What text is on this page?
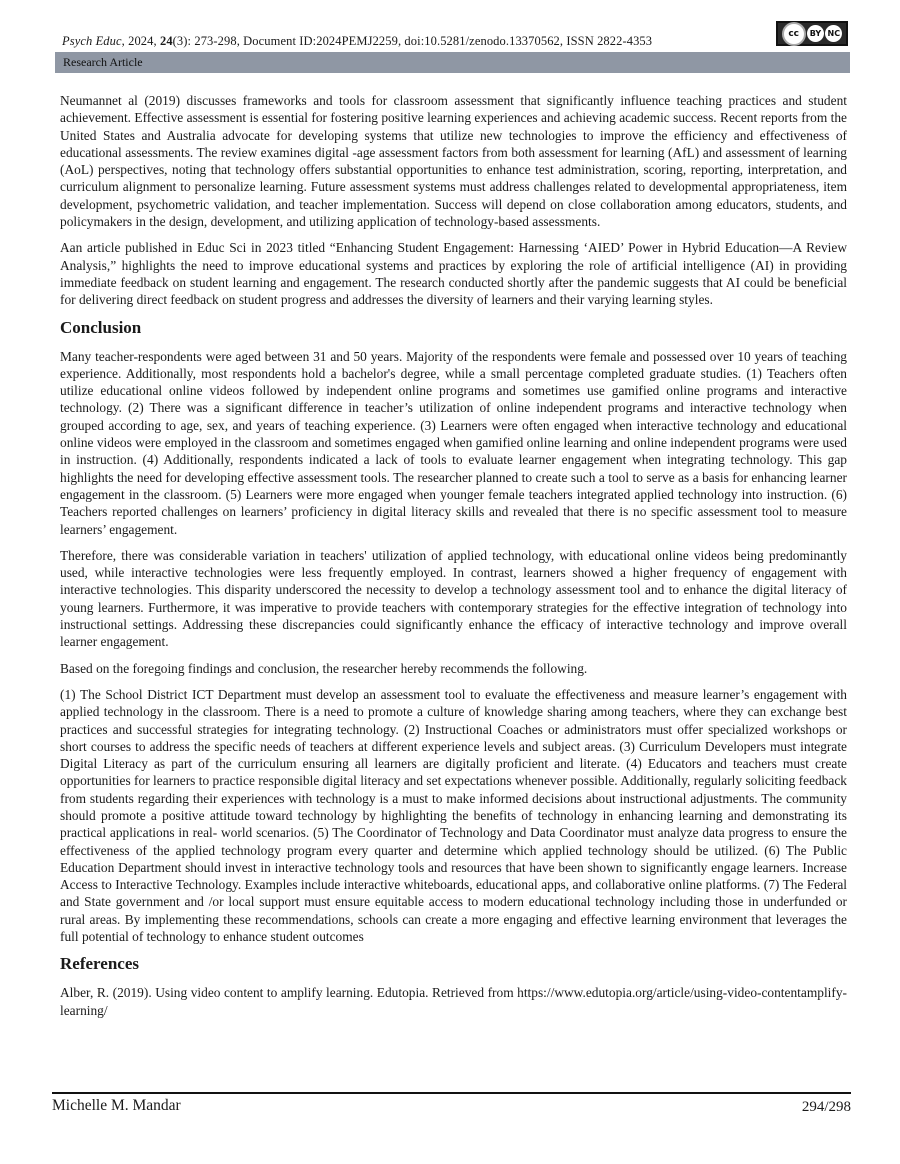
Psych Educ, 2024, 24(3): 273-298, Document ID:2024PEMJ2259, doi:10.5281/zenodo.13370562, ISSN 2822-4353
cc	BY NC
Research Article

Neumannet al (2019) discusses frameworks and tools for classroom assessment that significantly influence teaching practices and student achievement. Effective assessment is essential for fostering positive learning experiences and achieving academic success. Recent reports from the United States and Australia advocate for developing systems that utilize new technologies to improve the efficiency and effectiveness of educational assessments. The review examines digital -age assessment factors from both assessment for learning (AfL) and assessment of learning (AoL) perspectives, noting that technology offers substantial opportunities to enhance test administration, scoring, reporting, interpretation, and curriculum alignment to personalize learning. Future assessment systems must address challenges related to developmental appropriateness, item development, psychometric validation, and teacher implementation. Success will depend on close collaboration among educators, students, and policymakers in the design, development, and utilizing application of technology-based assessments.

Aan article published in Educ Sci in 2023 titled “Enhancing Student Engagement: Harnessing ‘AIED’ Power in Hybrid Education—A Review Analysis,” highlights the need to improve educational systems and practices by exploring the role of artificial intelligence (AI) in providing immediate feedback on student learning and engagement. The research conducted shortly after the pandemic suggests that AI could be beneficial for delivering direct feedback on student progress and addresses the diversity of learners and their varying learning styles.

Conclusion

Many teacher-respondents were aged between 31 and 50 years. Majority of the respondents were female and possessed over 10 years of teaching experience. Additionally, most respondents hold a bachelor's degree, while a small percentage completed graduate studies. (1) Teachers often utilize educational online videos followed by independent online programs and sometimes use gamified online programs and interactive technology. (2) There was a significant difference in teacher’s utilization of online independent programs and interactive technology when grouped according to age, sex, and years of teaching experience. (3) Learners were often engaged when interactive technology and educational online videos were employed in the classroom and sometimes engaged when gamified online learning and online independent programs were used in instruction. (4) Additionally, respondents indicated a lack of tools to evaluate learner engagement when integrating technology. This gap highlights the need for developing effective assessment tools. The researcher planned to create such a tool to serve as a basis for enhancing learner engagement in the classroom. (5) Learners were more engaged when younger female teachers integrated applied technology into instruction. (6) Teachers reported challenges on learners’ proficiency in digital literacy skills and revealed that there is no specific assessment tool to measure learners’ engagement.

Therefore, there was considerable variation in teachers' utilization of applied technology, with educational online videos being predominantly used, while interactive technologies were less frequently employed. In contrast, learners showed a higher frequency of engagement with interactive technologies. This disparity underscored the necessity to develop a technology assessment tool and to enhance the digital literacy of young learners. Furthermore, it was imperative to provide teachers with contemporary strategies for the effective integration of technology into instructional settings. Addressing these discrepancies could significantly enhance the efficacy of interactive technology and improve overall learner engagement.

Based on the foregoing findings and conclusion, the researcher hereby recommends the following.

(1) The School District ICT Department must develop an assessment tool to evaluate the effectiveness and measure learner’s engagement with applied technology in the classroom. There is a need to promote a culture of knowledge sharing among teachers, where they can exchange best practices and successful strategies for integrating technology. (2) Instructional Coaches or administrators must offer specialized workshops or short courses to address the specific needs of teachers at different experience levels and subject areas. (3) Curriculum Developers must integrate Digital Literacy as part of the curriculum ensuring all learners are digitally proficient and literate. (4) Educators and teachers must create opportunities for learners to practice responsible digital literacy and set expectations whenever possible. Additionally, regularly soliciting feedback from students regarding their experiences with technology is a must to make informed decisions about instructional adjustments. The community should promote a positive attitude toward technology by highlighting the benefits of technology in enhancing learning and demonstrating its practical applications in real- world scenarios. (5) The Coordinator of Technology and Data Coordinator must analyze data progress to ensure the effectiveness of the applied technology program every quarter and determine which applied technology should be utilized. (6) The Public Education Department should invest in interactive technology tools and resources that have been shown to significantly engage learners. Increase Access to Interactive Technology. Examples include interactive whiteboards, educational apps, and collaborative online platforms. (7) The Federal and State government and /or local support must ensure equitable access to modern educational technology including those in underfunded or rural areas. By implementing these recommendations, schools can create a more engaging and effective learning environment that leverages the full potential of technology to enhance student outcomes

References

Alber, R. (2019). Using video content to amplify learning. Edutopia. Retrieved from https://www.edutopia.org/article/using-video-contentamplify-learning/

Michelle M. Mandar	294/298
